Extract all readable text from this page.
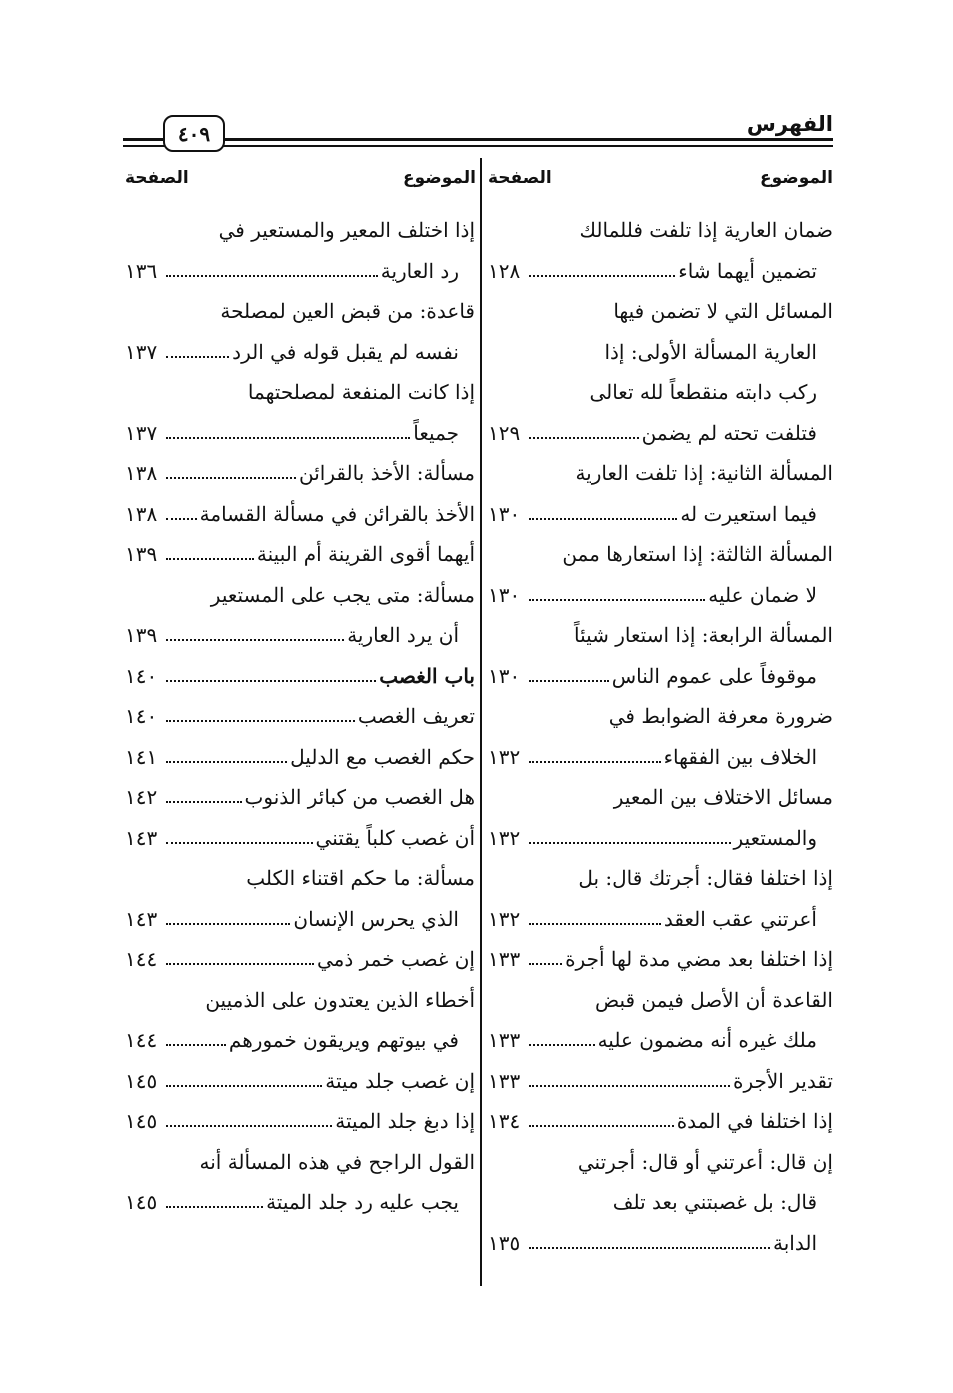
الفهرس
٤٠٩
الموضوع
الصفحة
الموضوع
الصفحة
ضمان العارية إذا تلفت فللمالك
تضمين أيهما شاء
١٢٨
المسائل التي لا تضمن فيها
العارية المسألة الأولى: إذا
ركب دابته منقطعاً لله تعالى
فتلفت تحته لم يضمن
١٢٩
المسألة الثانية: إذا تلفت العارية
فيما استعيرت له
١٣٠
المسألة الثالثة: إذا استعارها ممن
لا ضمان عليه
١٣٠
المسألة الرابعة: إذا استعار شيئاً
موقوفاً على عموم الناس
١٣٠
ضرورة معرفة الضوابط في
الخلاف بين الفقهاء
١٣٢
مسائل الاختلاف بين المعير
والمستعير
١٣٢
إذا اختلفا فقال: أجرتك قال: بل
أعرتني عقب العقد
١٣٢
إذا اختلفا بعد مضي مدة لها أجرة
١٣٣
القاعدة أن الأصل فيمن قبض
ملك غيره أنه مضمون عليه
١٣٣
تقدير الأجرة
١٣٣
إذا اختلفا في المدة
١٣٤
إن قال: أعرتني أو قال: أجرتني
قال: بل غصبتني بعد تلف
الدابة
١٣٥
إذا اختلف المعير والمستعير في
رد العارية
١٣٦
قاعدة: من قبض العين لمصلحة
نفسه لم يقبل قوله في الرد
١٣٧
إذا كانت المنفعة لمصلحتهما
جميعاً
١٣٧
مسألة: الأخذ بالقرائن
١٣٨
الأخذ بالقرائن في مسألة القسامة
١٣٨
أيهما أقوى القرينة أم البينة
١٣٩
مسألة: متى يجب على المستعير
أن يرد العارية
١٣٩
باب الغصب
١٤٠
تعريف الغصب
١٤٠
حكم الغصب مع الدليل
١٤١
هل الغصب من كبائر الذنوب
١٤٢
أن غصب كلباً يقتني
١٤٣
مسألة: ما حكم اقتناء الكلب
الذي يحرس الإنسان
١٤٣
إن غصب خمر ذمي
١٤٤
أخطاء الذين يعتدون على الذميين
في بيوتهم ويريقون خمورهم
١٤٤
إن غصب جلد ميتة
١٤٥
إذا دبغ جلد الميتة
١٤٥
القول الراجح في هذه المسألة أنه
يجب عليه رد جلد الميتة
١٤٥
